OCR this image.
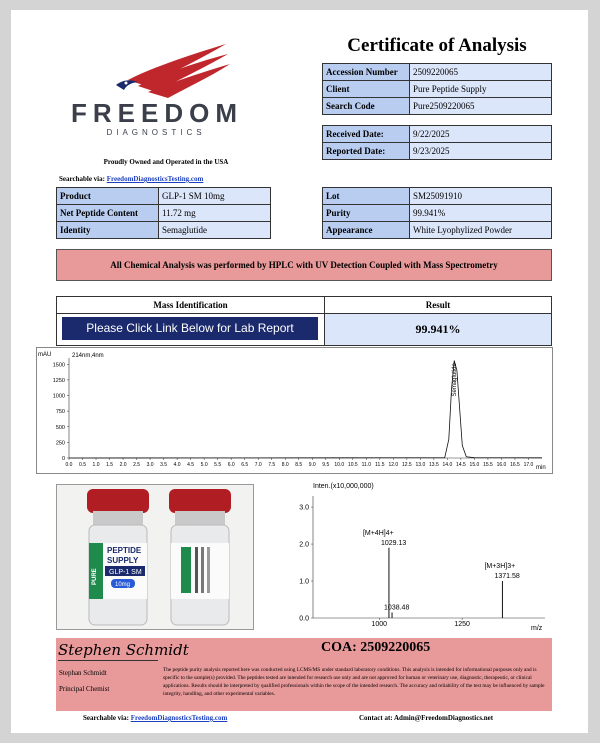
FREEDOM
DIAGNOSTICS
Proudly Owned and Operated in the USA
Searchable via: FreedomDiagnosticsTesting.com
Certificate of Analysis
Accession Number	2509220065
Client	Pure Peptide Supply
Search Code	Pure2509220065
Received Date:	9/22/2025
Reported Date:	9/23/2025
Product	GLP-1 SM 10mg
Net Peptide Content	11.72 mg
Identity	Semaglutide
Lot	SM25091910
Purity	99.941%
Appearance	White Lyophylized Powder
All Chemical Analysis was performed by HPLC with UV Detection Coupled with Mass Spectrometry
Mass Identification	Result
Please Click Link Below for Lab Report	99.941%
mAU	214nm,4nm
min
0
250
500
750
1000
1250
1500
0.0 0.5 1.0 1.5 2.0 2.5 3.0 3.5 4.0 4.5 5.0 5.5 6.0 6.5 7.0 7.5 8.0 8.5 9.0 9.5 10.0 10.5 11.0 11.5 12.0 12.5 13.0 13.5 14.0 14.5 15.0 15.5 16.0 16.5 17.0
Semaglutide
PURE
PEPTIDE
SUPPLY
GLP-1 SM
10mg
Inten.(x10,000,000)
m/z
0.0
1.0
2.0
3.0
1000	1250
1029.13
[M+4H]4+
1038.48
1371.58
[M+3H]3+
Stephen Schmidt	COA: 2509220065
Stephan Schmidt
Principal Chemist
The peptide purity analysis reported here was conducted using LCMS/MS under standard laboratory conditions. This analysis is intended for informational purposes only and is specific to the sample(s) provided. The peptides tested are intended for research use only and are not approved for human or veterinary use, diagnostic, therapeutic, or clinical applications. Results should be interpreted by qualified professionals within the scope of the intended research. The accuracy and reliability of the test may be influenced by sample integrity, handling, and other experimental variables.
Searchable via: FreedomDiagnosticsTesting.com	Contact at: Admin@FreedomDiagnostics.net
